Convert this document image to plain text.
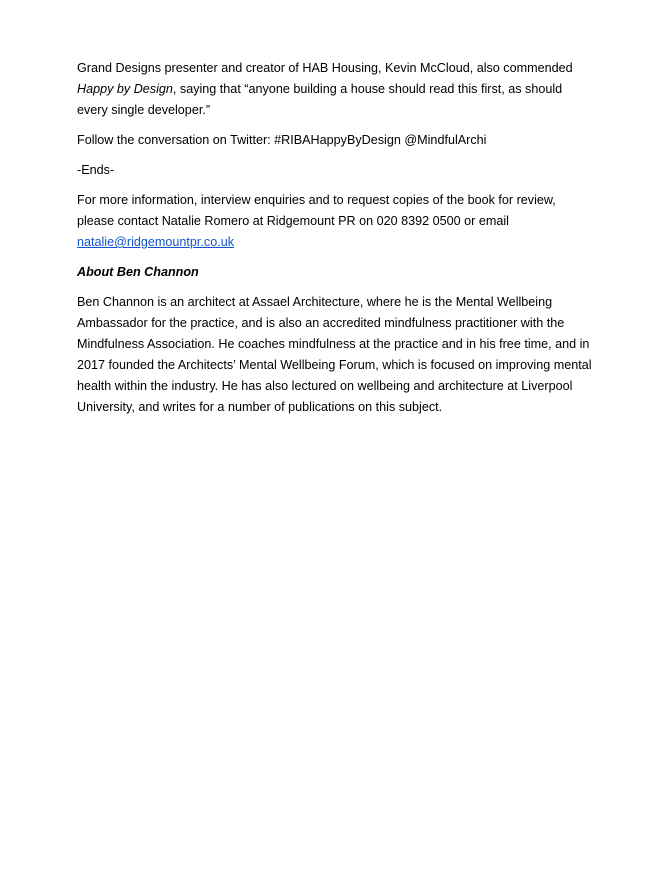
Grand Designs presenter and creator of HAB Housing, Kevin McCloud, also commended
Happy by Design, saying that “anyone building a house should read this first, as should
every single developer.”

Follow the conversation on Twitter: #RIBAHappyByDesign @MindfulArchi

-Ends-

For more information, interview enquiries and to request copies of the book for review,
please contact Natalie Romero at Ridgemount PR on 020 8392 0500 or email
natalie@ridgemountpr.co.uk

About Ben Channon

Ben Channon is an architect at Assael Architecture, where he is the Mental Wellbeing
Ambassador for the practice, and is also an accredited mindfulness practitioner with the
Mindfulness Association. He coaches mindfulness at the practice and in his free time, and in
2017 founded the Architects’ Mental Wellbeing Forum, which is focused on improving mental
health within the industry. He has also lectured on wellbeing and architecture at Liverpool
University, and writes for a number of publications on this subject.
